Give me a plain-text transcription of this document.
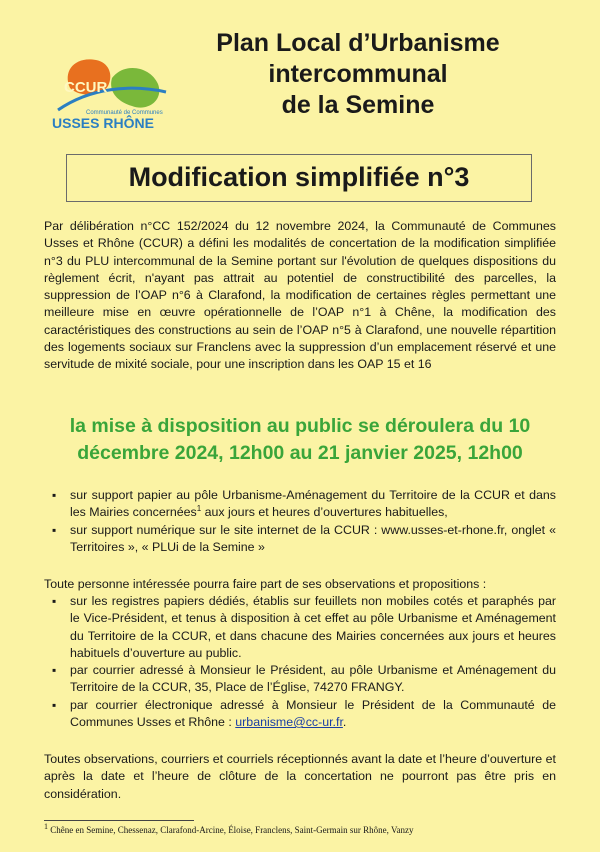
CCUR
Communauté de Communes
USSES RHÔNE
Plan Local d’Urbanisme
intercommunal
de la Semine
Modification simplifiée n°3
Par délibération n°CC 152/2024 du 12 novembre 2024, la Communauté de Communes Usses et Rhône (CCUR) a défini les modalités de concertation de la modification simplifiée n°3 du PLU intercommunal de la Semine portant sur l'évolution de quelques dispositions du règlement écrit, n'ayant pas attrait au potentiel de constructibilité des parcelles, la suppression de l’OAP n°6 à Clarafond, la modification de certaines règles permettant une meilleure mise en œuvre opérationnelle de l’OAP n°1 à Chêne, la modification des caractéristiques des constructions au sein de l’OAP n°5 à Clarafond, une nouvelle répartition des logements sociaux sur Franclens avec la suppression d’un emplacement réservé et une servitude de mixité sociale, pour une inscription dans les OAP 15 et 16
la mise à disposition au public se déroulera du 10
décembre 2024, 12h00 au 21 janvier 2025, 12h00
▪ sur support papier au pôle Urbanisme-Aménagement du Territoire de la CCUR et dans les Mairies concernées$^1$ aux jours et heures d’ouvertures habituelles,
▪ sur support numérique sur le site internet de la CCUR : www.usses-et-rhone.fr, onglet « Territoires », « PLUi de la Semine »
Toute personne intéressée pourra faire part de ses observations et propositions :
▪ sur les registres papiers dédiés, établis sur feuillets non mobiles cotés et paraphés par le Vice-Président, et tenus à disposition à cet effet au pôle Urbanisme et Aménagement du Territoire de la CCUR, et dans chacune des Mairies concernées aux jours et heures habituels d’ouverture au public.
▪ par courrier adressé à Monsieur le Président, au pôle Urbanisme et Aménagement du Territoire de la CCUR, 35, Place de l’Église, 74270 FRANGY.
▪ par courrier électronique adressé à Monsieur le Président de la Communauté de Communes Usses et Rhône : urbanisme@cc-ur.fr.
Toutes observations, courriers et courriels réceptionnés avant la date et l’heure d’ouverture et après la date et l’heure de clôture de la concertation ne pourront pas être pris en considération.
$^1$ Chêne en Semine, Chessenaz, Clarafond-Arcine, Éloise, Franclens, Saint-Germain sur Rhône, Vanzy
